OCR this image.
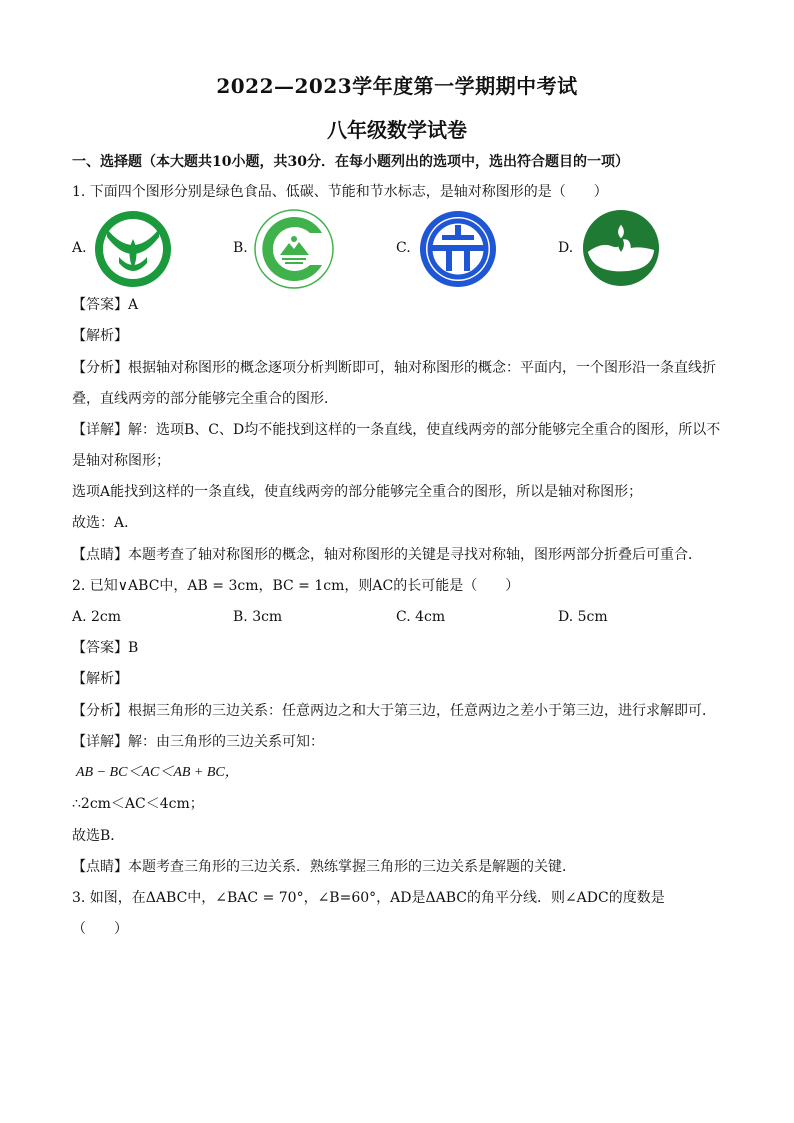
2022—2023学年度第一学期期中考试
八年级数学试卷
一、选择题（本大题共10小题，共30分．在每小题列出的选项中，选出符合题目的一项）
1. 下面四个图形分别是绿色食品、低碳、节能和节水标志，是轴对称图形的是（　　）
A.	B.	C.	D.
【答案】A
【解析】
【分析】根据轴对称图形的概念逐项分析判断即可，轴对称图形的概念：平面内，一个图形沿一条直线折
叠，直线两旁的部分能够完全重合的图形．
【详解】解：选项B、C、D均不能找到这样的一条直线，使直线两旁的部分能够完全重合的图形，所以不
是轴对称图形；
选项A能找到这样的一条直线，使直线两旁的部分能够完全重合的图形，所以是轴对称图形；
故选：A．
【点睛】本题考查了轴对称图形的概念，轴对称图形的关键是寻找对称轴，图形两部分折叠后可重合．
2. 已知∨ABC中，AB = 3cm，BC = 1cm，则AC的长可能是（　　）
A. 2cm	B. 3cm	C. 4cm	D. 5cm
【答案】B
【解析】
【分析】根据三角形的三边关系：任意两边之和大于第三边，任意两边之差小于第三边，进行求解即可．
【详解】解：由三角形的三边关系可知：
AB − BC＜AC＜AB + BC，
∴2cm＜AC＜4cm；
故选B．
【点睛】本题考查三角形的三边关系．熟练掌握三角形的三边关系是解题的关键．
3. 如图，在ΔABC中，∠BAC = 70°，∠B=60°，AD是ΔABC的角平分线．则∠ADC的度数是
（　　）
